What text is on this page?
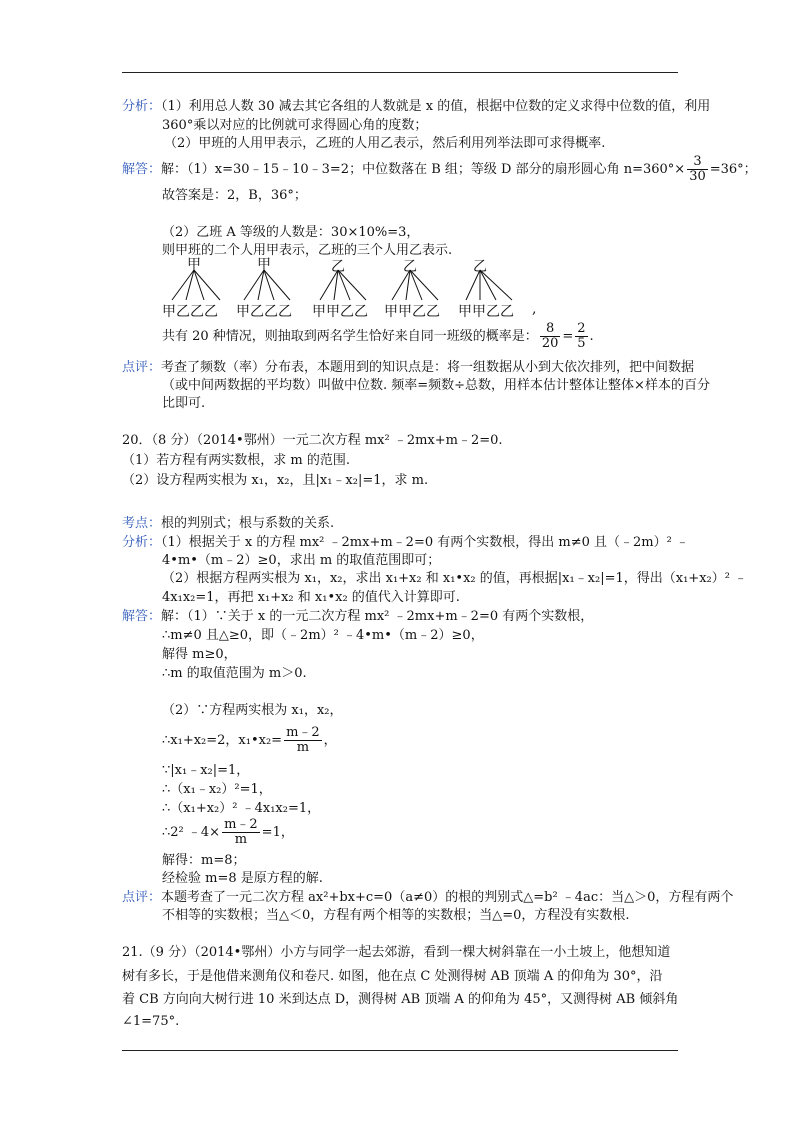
分析：（1）利用总人数 30 减去其它各组的人数就是 x 的值，根据中位数的定义求得中位数的值，利用
360°乘以对应的比例就可求得圆心角的度数；
（2）甲班的人用甲表示，乙班的人用乙表示，然后利用列举法即可求得概率.
解答：解：（1）x=30﹣15﹣10﹣3=2；中位数落在 B 组；等级 D 部分的扇形圆心角 $n=360^\circ\times \frac{3}{30} =36^\circ$；
故答案是：2，B，36°；
（2）乙班 A 等级的人数是：30×10%=3，
则甲班的二个人用甲表示，乙班的三个人用乙表示.
甲	甲	乙	乙	乙
甲乙乙乙 甲乙乙乙 甲甲乙乙 甲甲乙乙 甲甲乙乙 ,
共有 20 种情况，则抽取到两名学生恰好来自同一班级的概率是： $\frac{8}{20} = \frac{2}{5}$ .
点评：考查了频数（率）分布表，本题用到的知识点是：将一组数据从小到大依次排列，把中间数据
（或中间两数据的平均数）叫做中位数. 频率=频数÷总数，用样本估计整体让整体×样本的百分
比即可.
20．（8 分）（2014•鄂州）一元二次方程 mx² ﹣2mx+m﹣2=0.
（1）若方程有两实数根，求 m 的范围.
（2）设方程两实根为 x₁，x₂，且|x₁﹣x₂|=1，求 m.
考点：根的判别式；根与系数的关系.
分析：（1）根据关于 x 的方程 mx² ﹣2mx+m﹣2=0 有两个实数根，得出 m≠0 且（﹣2m）² ﹣
4•m•（m﹣2）≥0，求出 m 的取值范围即可；
（2）根据方程两实根为 x₁，x₂，求出 x₁+x₂ 和 x₁•x₂ 的值，再根据|x₁﹣x₂|=1，得出（x₁+x₂）² ﹣
4x₁x₂=1，再把 x₁+x₂ 和 x₁•x₂ 的值代入计算即可.
解答：解：（1）∵关于 x 的一元二次方程 mx² ﹣2mx+m﹣2=0 有两个实数根，
∴m≠0 且△≥0，即（﹣2m）² ﹣4•m•（m﹣2）≥0，
解得 m≥0，
∴m 的取值范围为 m＞0.
（2）∵方程两实根为 x₁，x₂，
∴x₁+x₂=2，x₁•x₂= $\frac{m﹣2}{m}$ ，
∵|x₁﹣x₂|=1，
∴（x₁﹣x₂）²=1，
∴（x₁+x₂）² ﹣4x₁x₂=1，
∴2² ﹣4× $\frac{m﹣2}{m} =1$，
解得：m=8；
经检验 m=8 是原方程的解.
点评：本题考查了一元二次方程 ax²+bx+c=0（a≠0）的根的判别式△=b² ﹣4ac：当△＞0，方程有两个
不相等的实数根；当△＜0，方程有两个相等的实数根；当△=0，方程没有实数根.
21.（9 分）（2014•鄂州）小方与同学一起去郊游，看到一棵大树斜靠在一小土坡上，他想知道
树有多长，于是他借来测角仪和卷尺. 如图，他在点 C 处测得树 AB 顶端 A 的仰角为 30°，沿
着 CB 方向向大树行进 10 米到达点 D，测得树 AB 顶端 A 的仰角为 45°，又测得树 AB 倾斜角
∠1=75°.
